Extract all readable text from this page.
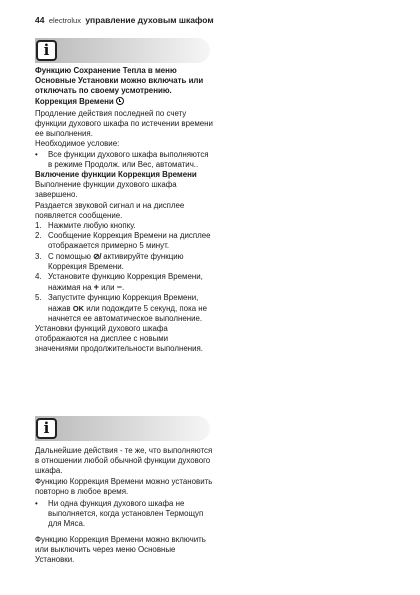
44 electrolux управление духовым шкафом
i

Функцию Сохранение Тепла в меню Основные Установки можно включать или отключать по своему усмотрению.

Коррекция Времени

Продление действия последней по счету функции духового шкафа по истечении времени ее выполнения.

Необходимое условие:

• Все функции духового шкафа выполняются в режиме Продолж. или Вес, автоматич..

Включение функции Коррекция Времени

Выполнение функции духового шкафа завершено.

Раздается звуковой сигнал и на дисплее появляется сообщение.

1. Нажмите любую кнопку.
2. Сообщение Коррекция Времени на дисплее отображается примерно 5 минут.
3. С помощью ⊘/ активируйте функцию Коррекция Времени.
4. Установите функцию Коррекция Времени, нажимая на + или −.
5. Запустите функцию Коррекция Времени, нажав OK или подождите 5 секунд, пока не начнется ее автоматическое выполнение.

Установки функций духового шкафа отображаются на дисплее с новыми значениями продолжительности выполнения.

i

Дальнейшие действия - те же, что выполняются в отношении любой обычной функции духового шкафа.

Функцию Коррекция Времени можно установить повторно в любое время.

• Ни одна функция духового шкафа не выполняется, когда установлен Термощуп для Мяса.

Функцию Коррекция Времени можно включить или выключить через меню Основные Установки.
